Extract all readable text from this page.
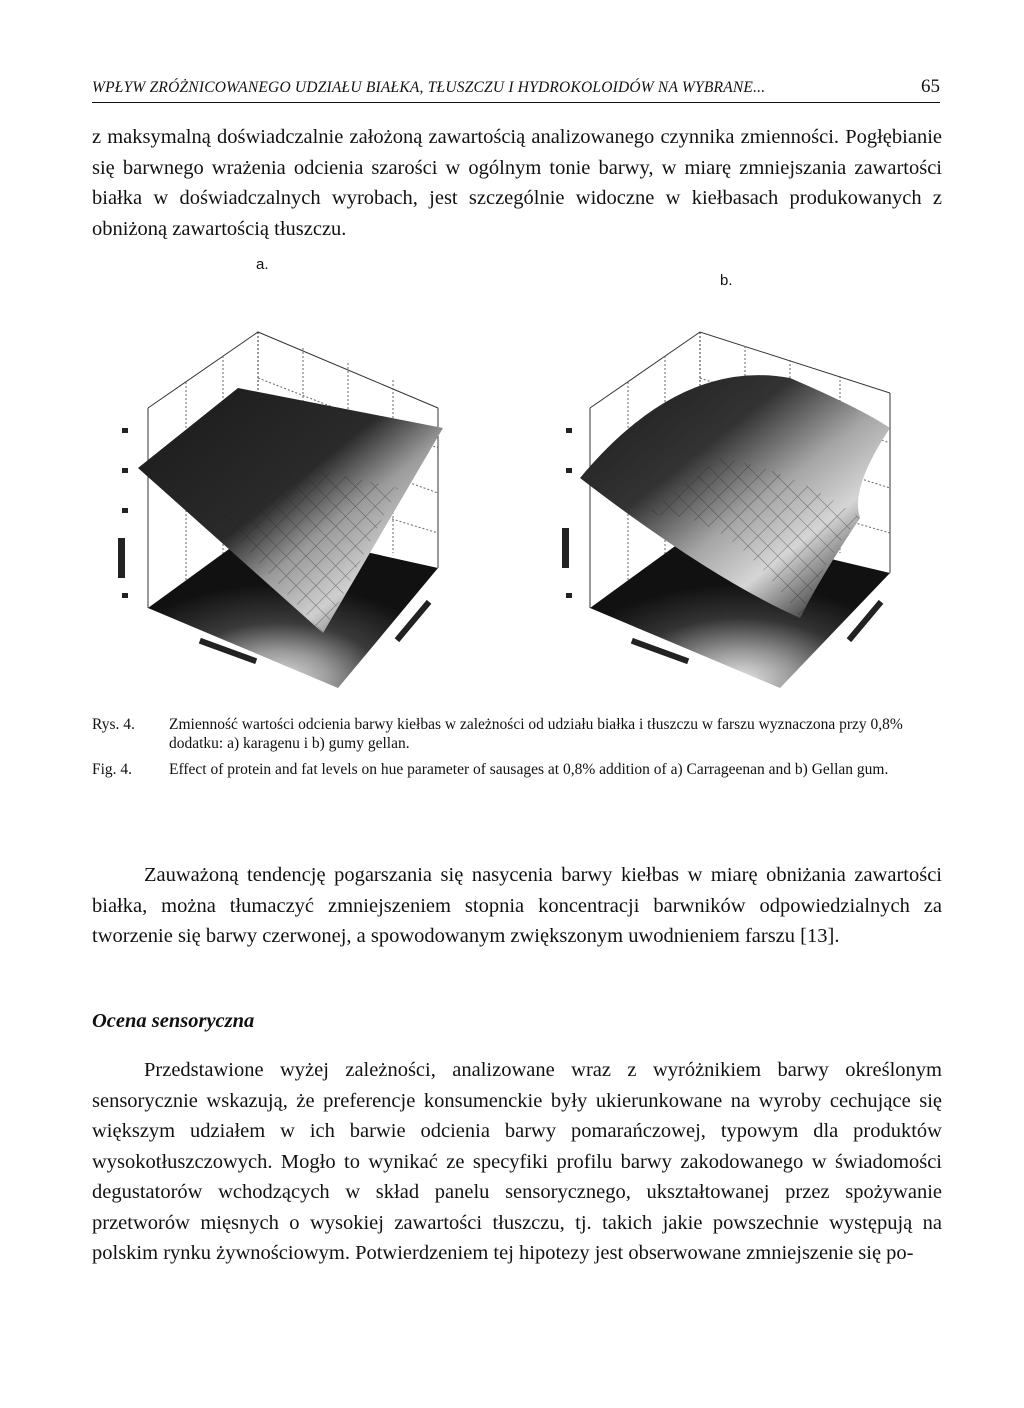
WPŁYW ZRÓŻNICOWANEGO UDZIAŁU BIAŁKA, TŁUSZCZU I HYDROKOLOIDÓW NA WYBRANE...	65

z maksymalną doświadczalnie założoną zawartością analizowanego czynnika zmienności. Pogłębianie się barwnego wrażenia odcienia szarości w ogólnym tonie barwy, w miarę zmniejszania zawartości białka w doświadczalnych wyrobach, jest szczególnie widoczne w kiełbasach produkowanych z obniżoną zawartością tłuszczu.

a.
b.
Rys. 4.	Zmienność wartości odcienia barwy kiełbas w zależności od udziału białka i tłuszczu w farszu wyznaczona przy 0,8% dodatku: a) karagenu i b) gumy gellan.
Fig. 4.	Effect of protein and fat levels on hue parameter of sausages at 0,8% addition of a) Carrageenan and b) Gellan gum.

Zauważoną tendencję pogarszania się nasycenia barwy kiełbas w miarę obniżania zawartości białka, można tłumaczyć zmniejszeniem stopnia koncentracji barwników odpowiedzialnych za tworzenie się barwy czerwonej, a spowodowanym zwiększonym uwodnieniem farszu [13].

Ocena sensoryczna

Przedstawione wyżej zależności, analizowane wraz z wyróżnikiem barwy określonym sensorycznie wskazują, że preferencje konsumenckie były ukierunkowane na wyroby cechujące się większym udziałem w ich barwie odcienia barwy pomarańczowej, typowym dla produktów wysokotłuszczowych. Mogło to wynikać ze specyfiki profilu barwy zakodowanego w świadomości degustatorów wchodzących w skład panelu sensorycznego, ukształtowanej przez spożywanie przetworów mięsnych o wysokiej zawartości tłuszczu, tj. takich jakie powszechnie występują na polskim rynku żywnościowym. Potwierdzeniem tej hipotezy jest obserwowane zmniejszenie się po-
